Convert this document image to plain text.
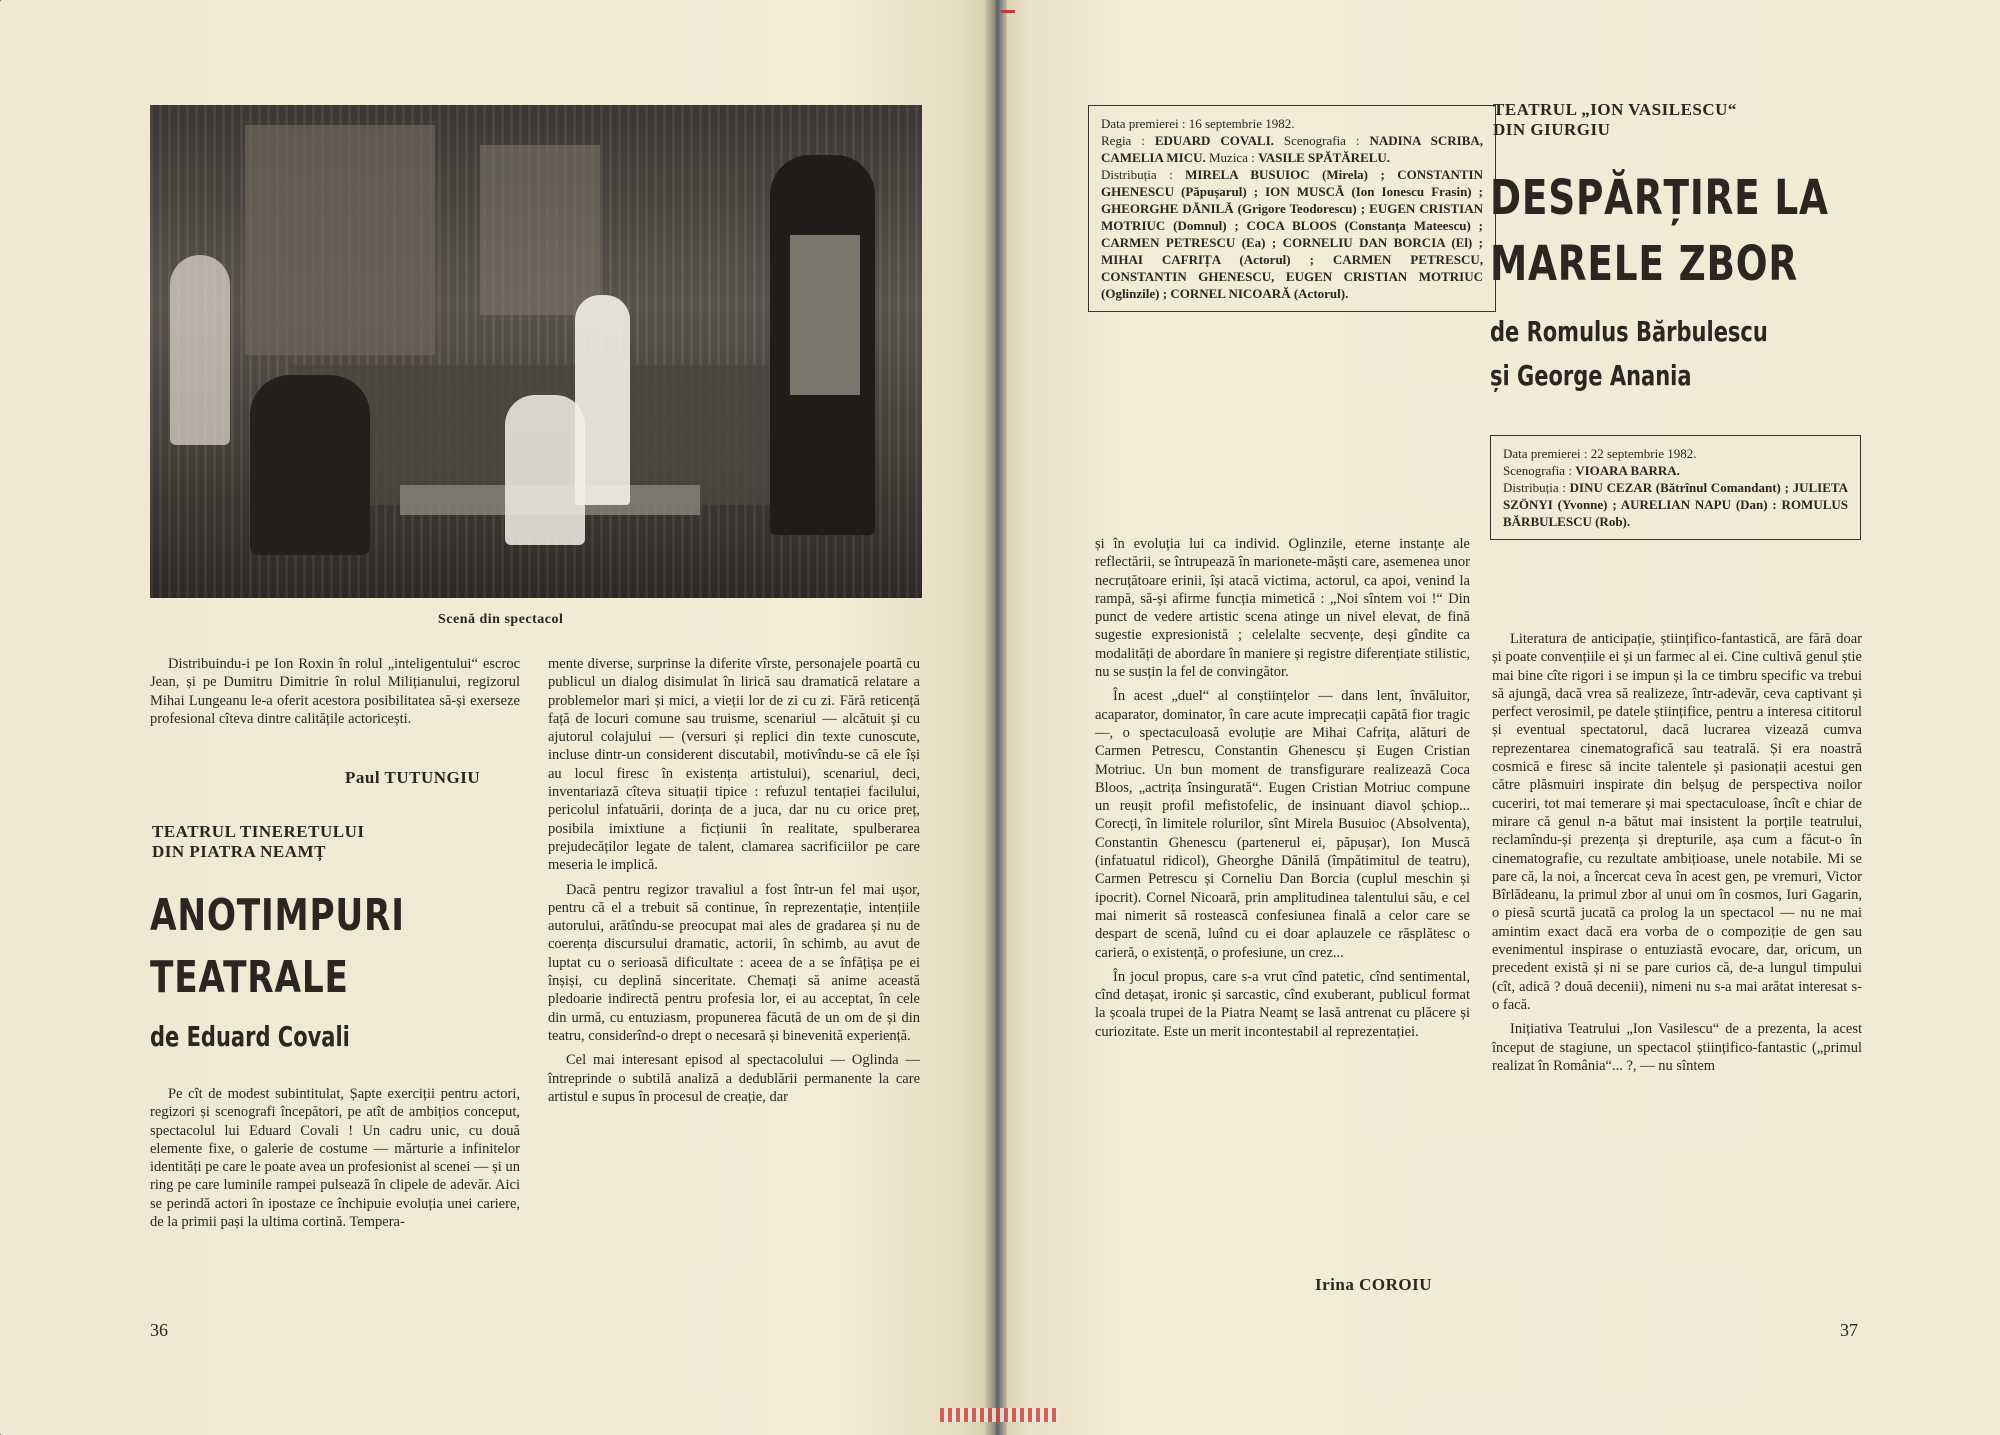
Scenă din spectacol

Distribuindu-i pe Ion Roxin în rolul „inteligentului“ escroc Jean, și pe Dumitru Dimitrie în rolul Milițianului, regizorul Mihai Lungeanu le-a oferit acestora posibilitatea să-și exerseze profesional cîteva dintre calitățile actoricești.

Paul TUTUNGIU
TEATRUL TINERETULUI
DIN PIATRA NEAMȚ
ANOTIMPURI
TEATRALE
de Eduard Covali

Pe cît de modest subintitulat, Șapte exerciții pentru actori, regizori și scenografi începători, pe atît de ambițios conceput, spectacolul lui Eduard Covali ! Un cadru unic, cu două elemente fixe, o galerie de costume — mărturie a infinitelor identități pe care le poate avea un profesionist al scenei — și un ring pe care luminile rampei pulsează în clipele de adevăr. Aici se perindă actori în ipostaze ce închipuie evoluția unei cariere, de la primii pași la ultima cortină. Tempera-

mente diverse, surprinse la diferite vîrste, personajele poartă cu publicul un dialog disimulat în lirică sau dramatică relatare a problemelor mari și mici, a vieții lor de zi cu zi. Fără reticență față de locuri comune sau truisme, scenariul — alcătuit și cu ajutorul colajului — (versuri și replici din texte cunoscute, incluse dintr-un considerent discutabil, motivîndu-se că ele își au locul firesc în existența artistului), scenariul, deci, inventariază cîteva situații tipice : refuzul tentației facilului, pericolul infatuării, dorința de a juca, dar nu cu orice preț, posibila imixtiune a ficțiunii în realitate, spulberarea prejudecăților legate de talent, clamarea sacrificiilor pe care meseria le implică.

Dacă pentru regizor travaliul a fost într-un fel mai ușor, pentru că el a trebuit să continue, în reprezentație, intențiile autorului, arătîndu-se preocupat mai ales de gradarea și nu de coerența discursului dramatic, actorii, în schimb, au avut de luptat cu o serioasă dificultate : aceea de a se înfățișa pe ei înșiși, cu deplină sinceritate. Chemați să anime această pledoarie indirectă pentru profesia lor, ei au acceptat, în cele din urmă, cu entuziasm, propunerea făcută de un om de și din teatru, considerînd-o drept o necesară și binevenită experiență.

Cel mai interesant episod al spectacolului — Oglinda — întreprinde o subtilă analiză a dedublării permanente la care artistul e supus în procesul de creație, dar

36
Data premierei : 16 septembrie 1982.
Regia : EDUARD COVALI. Scenografia : NADINA SCRIBA, CAMELIA MICU. Muzica : VASILE SPĂTĂRELU.
Distribuția : MIRELA BUSUIOC (Mirela) ; CONSTANTIN GHENESCU (Păpușarul) ; ION MUSCĂ (Ion Ionescu Frasin) ; GHEORGHE DĂNILĂ (Grigore Teodorescu) ; EUGEN CRISTIAN MOTRIUC (Domnul) ; COCA BLOOS (Constanța Mateescu) ; CARMEN PETRESCU (Ea) ; CORNELIU DAN BORCIA (El) ; MIHAI CAFRIȚA (Actorul) ; CARMEN PETRESCU, CONSTANTIN GHENESCU, EUGEN CRISTIAN MOTRIUC (Oglinzile) ; CORNEL NICOARĂ (Actorul).

și în evoluția lui ca individ. Oglinzile, eterne instanțe ale reflectării, se întrupează în marionete-măști care, asemenea unor necruțătoare erinii, își atacă victima, actorul, ca apoi, venind la rampă, să-și afirme funcția mimetică : „Noi sîntem voi !“ Din punct de vedere artistic scena atinge un nivel elevat, de fină sugestie expresionistă ; celelalte secvențe, deși gîndite ca modalități de abordare în maniere și registre diferențiate stilistic, nu se susțin la fel de convingător.

În acest „duel“ al conștiințelor — dans lent, învăluitor, acaparator, dominator, în care acute imprecații capătă fior tragic —, o spectaculoasă evoluție are Mihai Cafrița, alături de Carmen Petrescu, Constantin Ghenescu și Eugen Cristian Motriuc. Un bun moment de transfigurare realizează Coca Bloos, „actrița însingurată“. Eugen Cristian Motriuc compune un reușit profil mefistofelic, de insinuant diavol șchiop... Corecți, în limitele rolurilor, sînt Mirela Busuioc (Absolventa), Constantin Ghenescu (partenerul ei, păpușar), Ion Muscă (infatuatul ridicol), Gheorghe Dănilă (împătimitul de teatru), Carmen Petrescu și Corneliu Dan Borcia (cuplul meschin și ipocrit). Cornel Nicoară, prin amplitudinea talentului său, e cel mai nimerit să rostească confesiunea finală a celor care se despart de scenă, luînd cu ei doar aplauzele ce răsplătesc o carieră, o existență, o profesiune, un crez...

În jocul propus, care s-a vrut cînd patetic, cînd sentimental, cînd detașat, ironic și sarcastic, cînd exuberant, publicul format la școala trupei de la Piatra Neamț se lasă antrenat cu plăcere și curiozitate. Este un merit incontestabil al reprezentației.

Irina COROIU
TEATRUL „ION VASILESCU“
DIN GIURGIU
DESPĂRȚIRE LA
MARELE ZBOR
de Romulus Bărbulescu
și George Anania
Data premierei : 22 septembrie 1982.
Scenografia : VIOARA BARRA.
Distribuția : DINU CEZAR (Bătrînul Comandant) ; JULIETA SZÖNYI (Yvonne) ; AURELIAN NAPU (Dan) : ROMULUS BĂRBULESCU (Rob).

Literatura de anticipație, științifico-fantastică, are fără doar și poate convențiile ei și un farmec al ei. Cine cultivă genul știe mai bine cîte rigori i se impun și la ce timbru specific va trebui să ajungă, dacă vrea să realizeze, într-adevăr, ceva captivant și perfect verosimil, pe datele științifice, pentru a interesa cititorul și eventual spectatorul, dacă lucrarea vizează cumva reprezentarea cinematografică sau teatrală. Și era noastră cosmică e firesc să incite talentele și pasionații acestui gen către plăsmuiri inspirate din belșug de perspectiva noilor cuceriri, tot mai temerare și mai spectaculoase, încît e chiar de mirare că genul n-a bătut mai insistent la porțile teatrului, reclamîndu-și prezența și drepturile, așa cum a făcut-o în cinematografie, cu rezultate ambițioase, unele notabile. Mi se pare că, la noi, a încercat ceva în acest gen, pe vremuri, Victor Bîrlădeanu, la primul zbor al unui om în cosmos, Iuri Gagarin, o piesă scurtă jucată ca prolog la un spectacol — nu ne mai amintim exact dacă era vorba de o compoziție de gen sau evenimentul inspirase o entuziastă evocare, dar, oricum, un precedent există și ni se pare curios că, de-a lungul timpului (cît, adică ? două decenii), nimeni nu s-a mai arătat interesat s-o facă.

Inițiativa Teatrului „Ion Vasilescu“ de a prezenta, la acest început de stagiune, un spectacol științifico-fantastic („primul realizat în România“... ?, — nu sîntem

37
